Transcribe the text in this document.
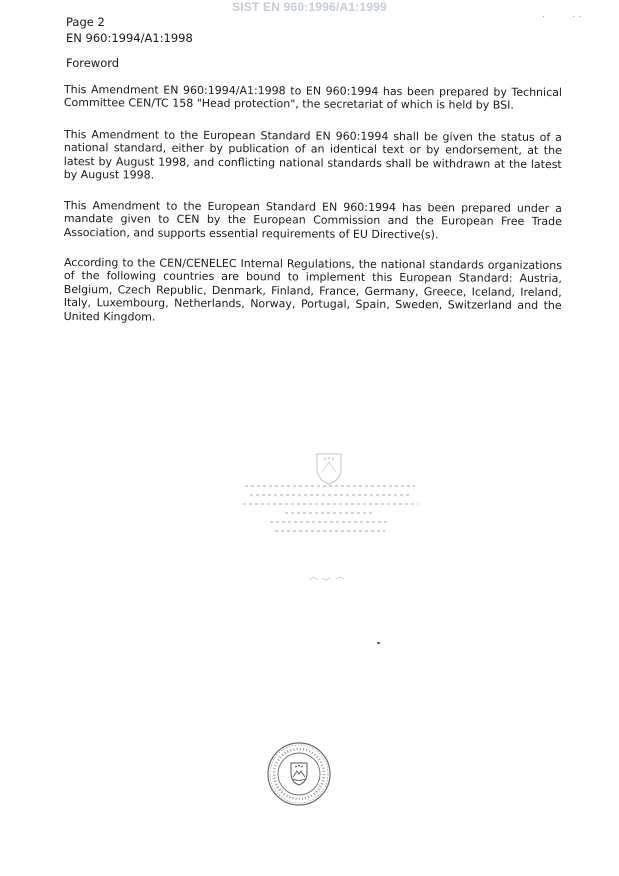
SIST EN 960:1996/A1:1999
·	· ·
Page 2
EN 960:1994/A1:1998
Foreword

This Amendment EN 960:1994/A1:1998 to EN 960:1994 has been prepared by Technical Committee CEN/TC 158 "Head protection", the secretariat of which is held by BSI.

This Amendment to the European Standard EN 960:1994 shall be given the status of a national standard, either by publication of an identical text or by endorsement, at the latest by August 1998, and conflicting national standards shall be withdrawn at the latest by August 1998.

This Amendment to the European Standard EN 960:1994 has been prepared under a mandate given to CEN by the European Commission and the European Free Trade Association, and supports essential requirements of EU Directive(s).

According to the CEN/CENELEC Internal Regulations, the national standards organizations of the following countries are bound to implement this European Standard: Austria, Belgium, Czech Republic, Denmark, Finland, France, Germany, Greece, Iceland, Ireland, Italy, Luxembourg, Netherlands, Norway, Portugal, Spain, Sweden, Switzerland and the United Kingdom.
